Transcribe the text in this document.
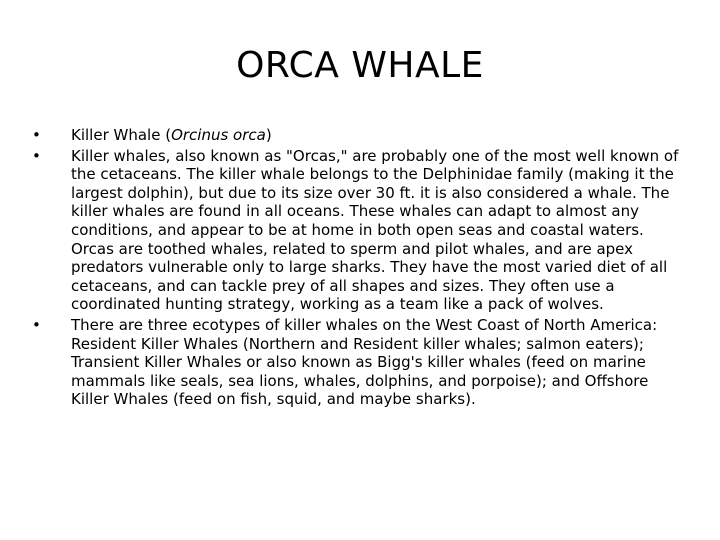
ORCA WHALE
•	Killer Whale (Orcinus orca)

•	Killer whales, also known as "Orcas," are probably one of the most well known of the cetaceans. The killer whale belongs to the Delphinidae family (making it the largest dolphin), but due to its size over 30 ft. it is also considered a whale. The killer whales are found in all oceans. These whales can adapt to almost any conditions, and appear to be at home in both open seas and coastal waters. Orcas are toothed whales, related to sperm and pilot whales, and are apex predators vulnerable only to large sharks. They have the most varied diet of all cetaceans, and can tackle prey of all shapes and sizes. They often use a coordinated hunting strategy, working as a team like a pack of wolves.

•	There are three ecotypes of killer whales on the West Coast of North America: Resident Killer Whales (Northern and Resident killer whales; salmon eaters); Transient Killer Whales or also known as Bigg's killer whales (feed on marine mammals like seals, sea lions, whales, dolphins, and porpoise); and Offshore Killer Whales (feed on fish, squid, and maybe sharks).
